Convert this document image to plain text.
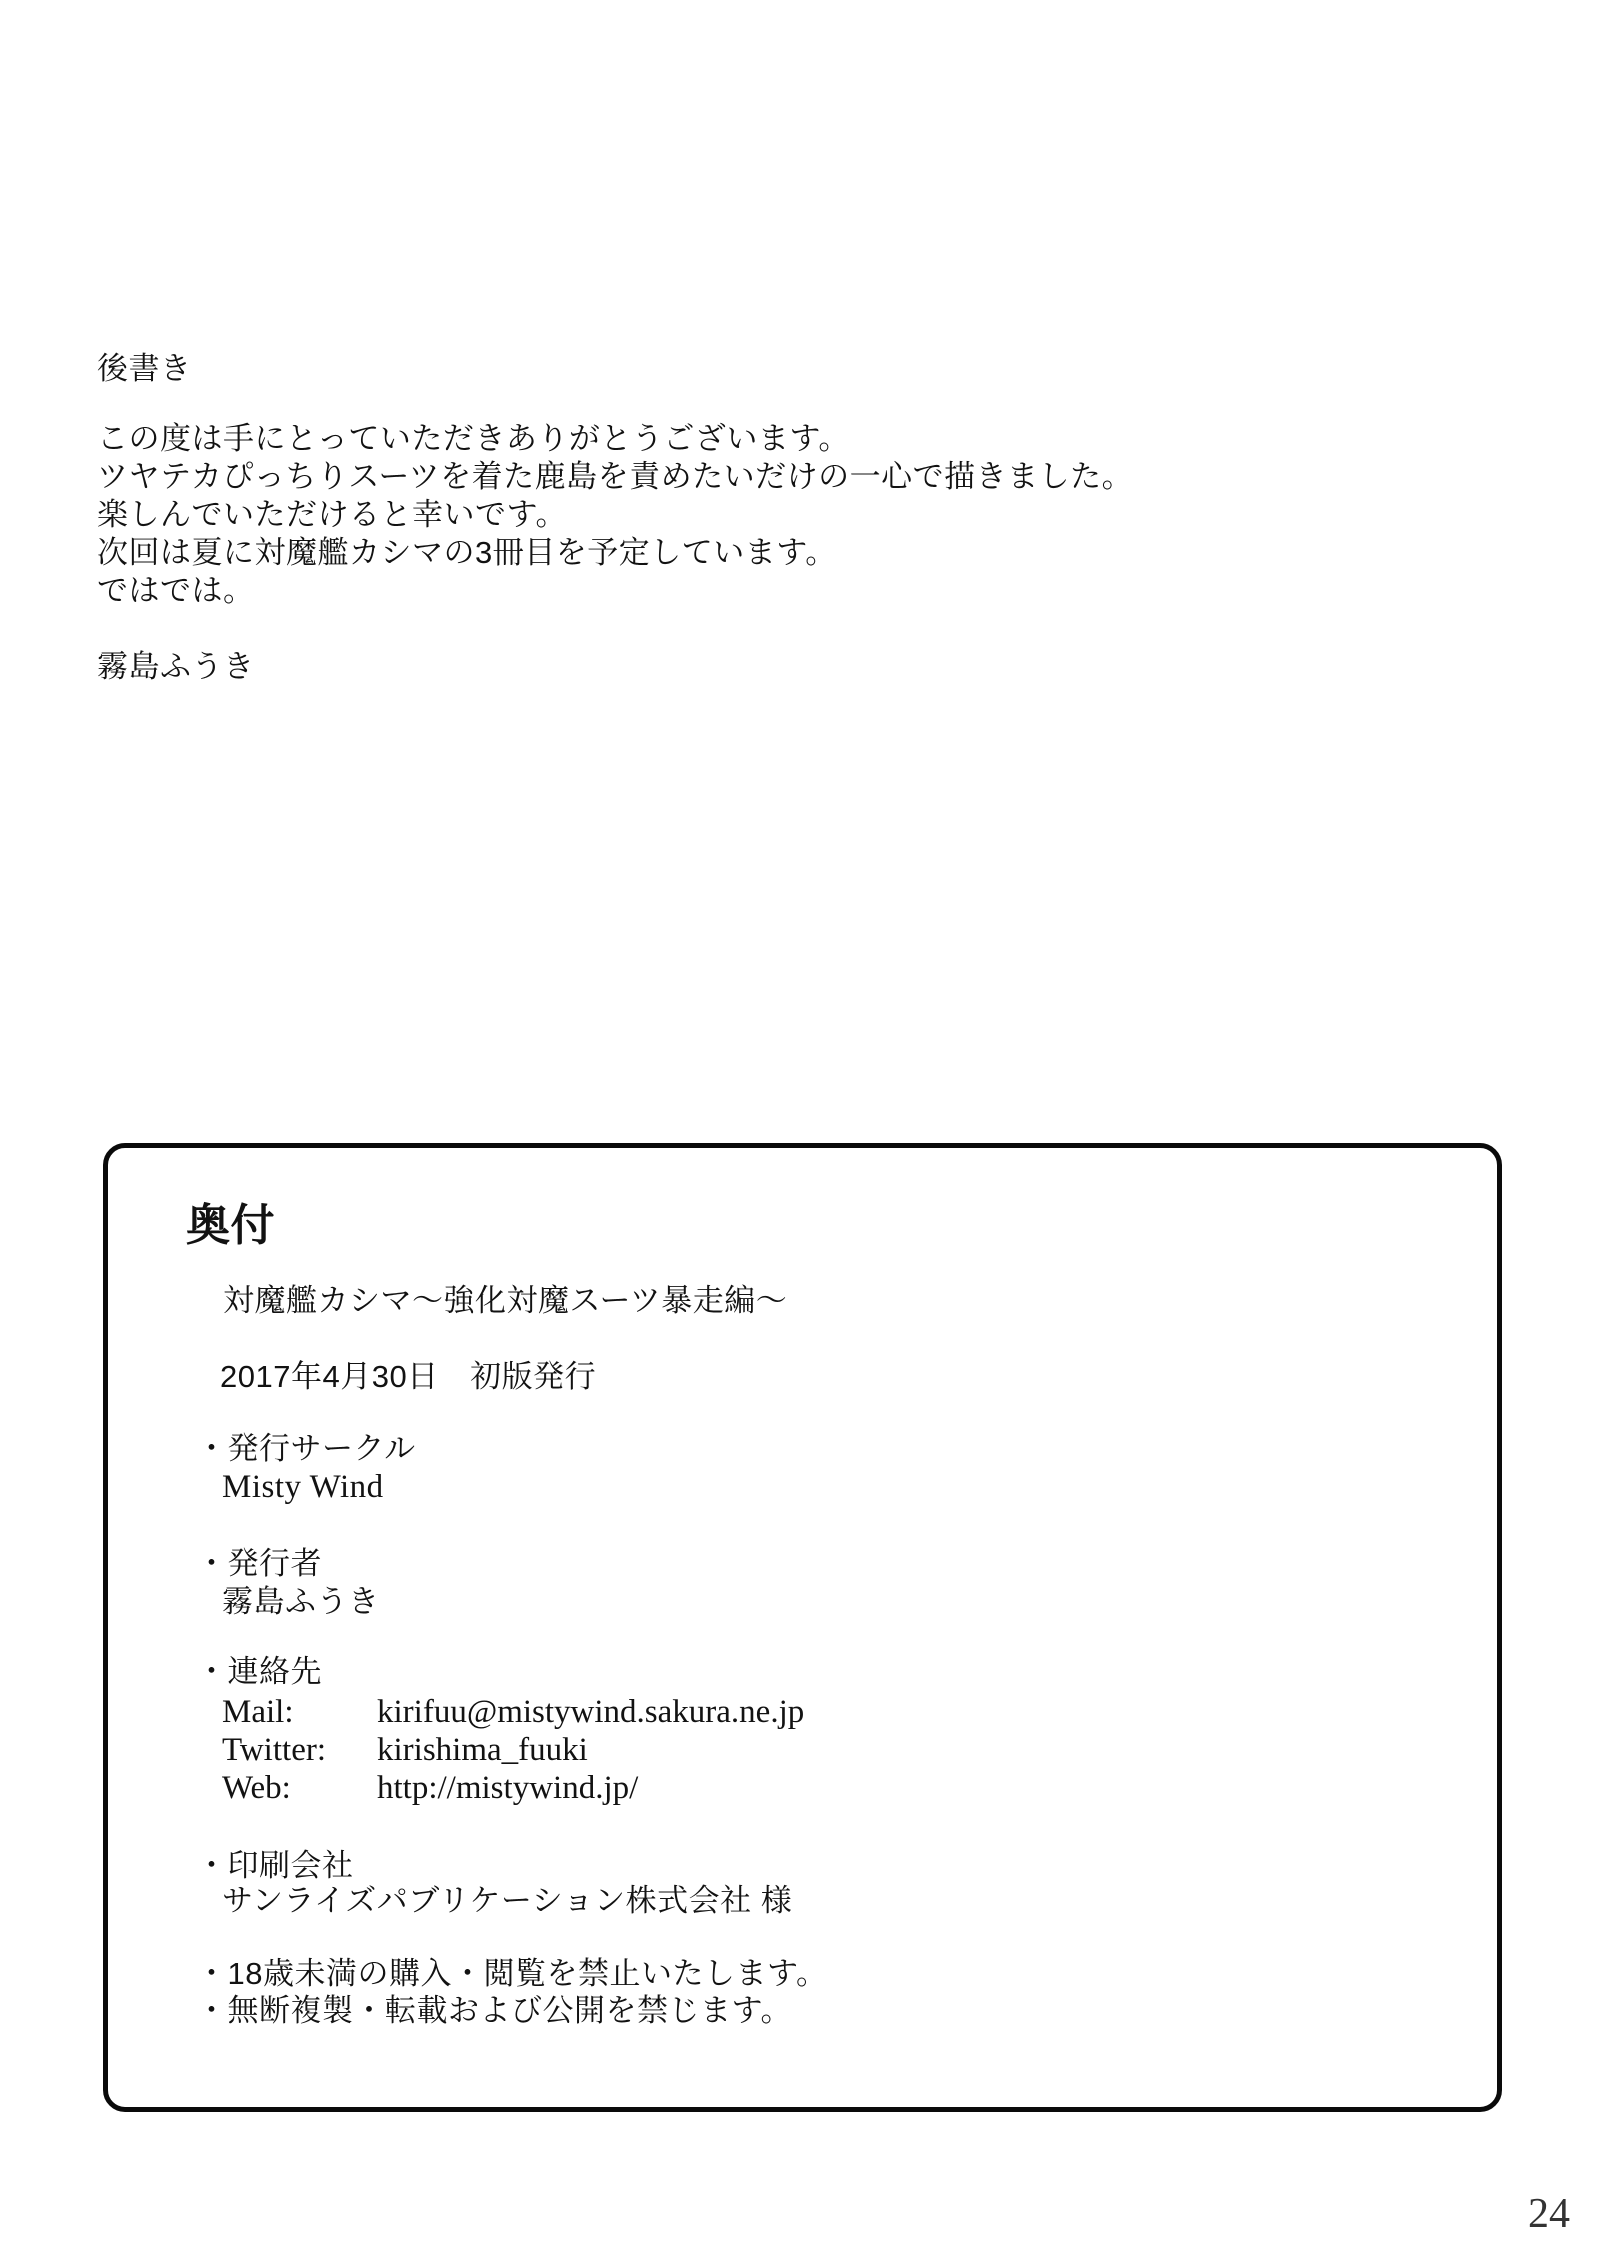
後書き
この度は手にとっていただきありがとうございます。
ツヤテカぴっちりスーツを着た鹿島を責めたいだけの一心で描きました。
楽しんでいただけると幸いです。
次回は夏に対魔艦カシマの3冊目を予定しています。
ではでは。
霧島ふうき
奥付
対魔艦カシマ～強化対魔スーツ暴走編～
2017年4月30日　初版発行
・発行サークル
Misty Wind
・発行者
霧島ふうき
・連絡先
Mail:	kirifuu@mistywind.sakura.ne.jp
Twitter:	kirishima_fuuki
Web:	http://mistywind.jp/
・印刷会社
サンライズパブリケーション株式会社 様
・18歳未満の購入・閲覧を禁止いたします。
・無断複製・転載および公開を禁じます。
24
